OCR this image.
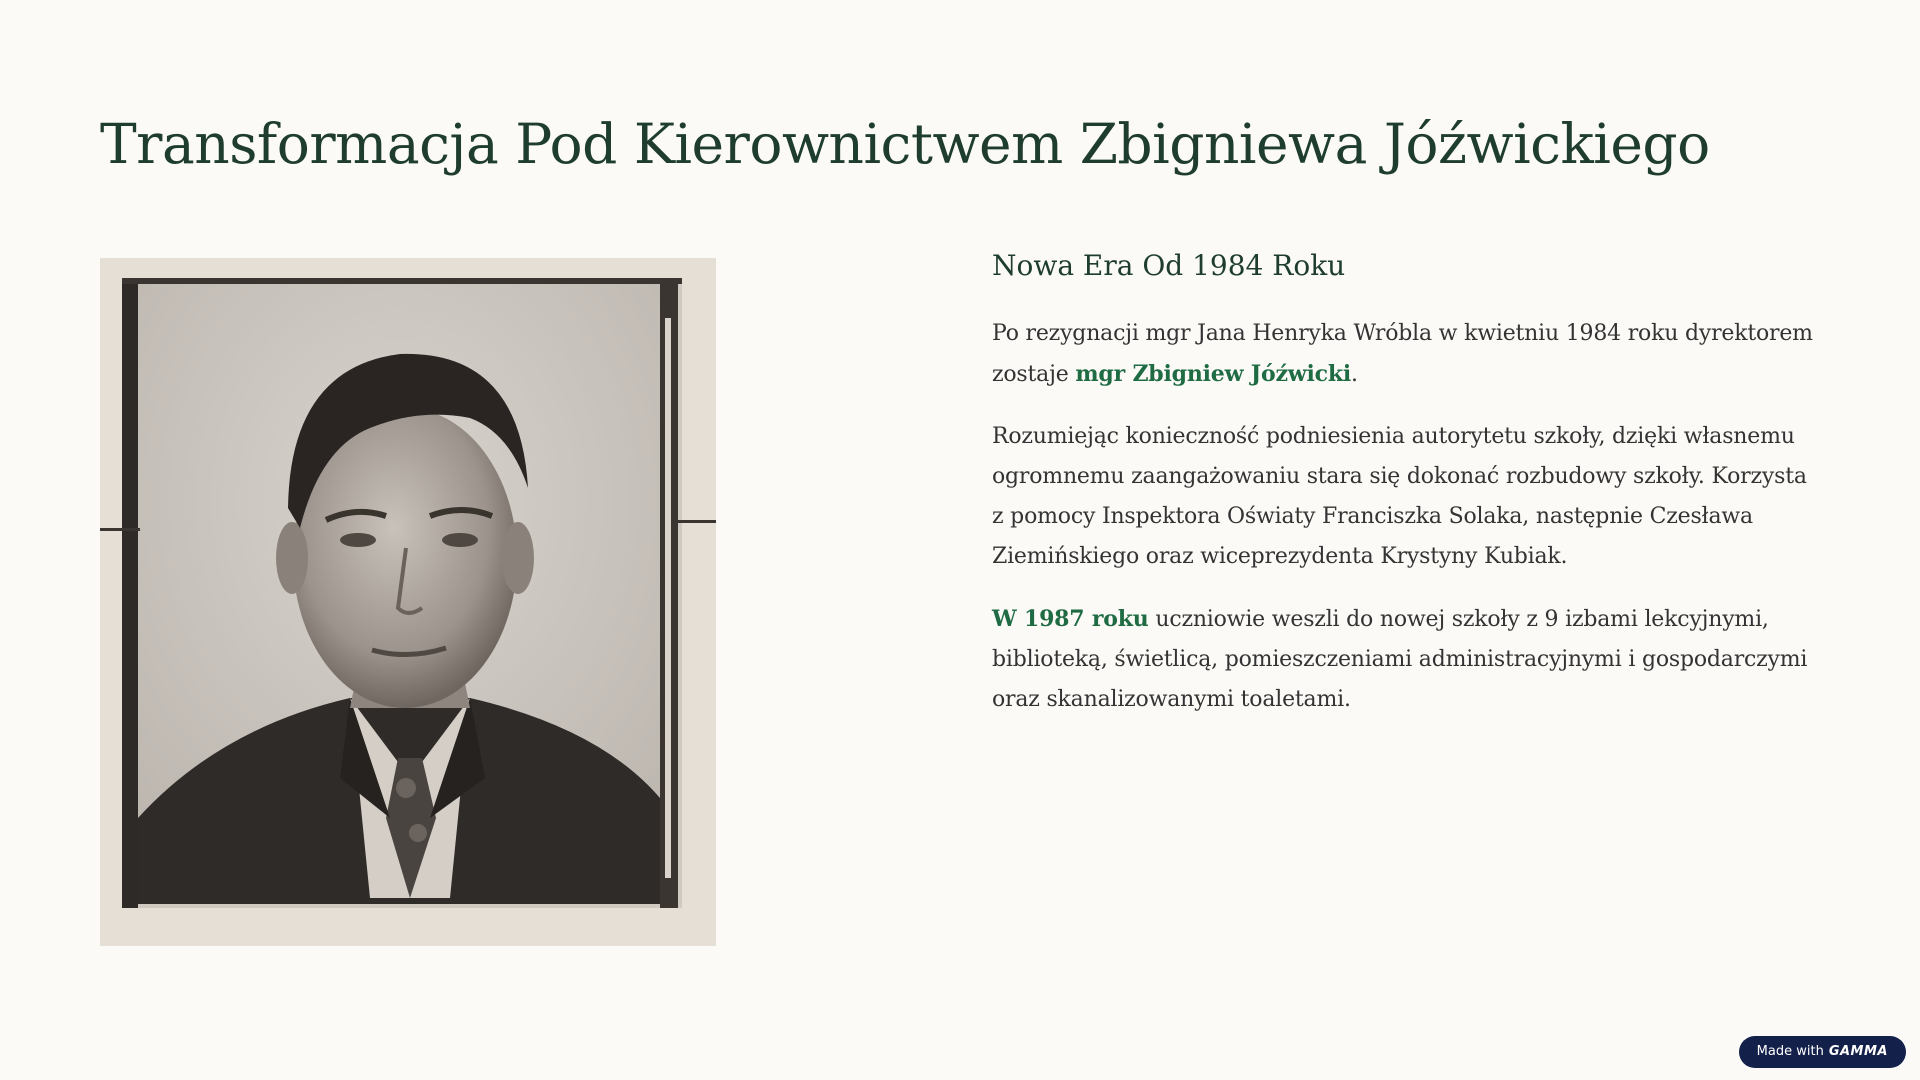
Transformacja Pod Kierownictwem Zbigniewa Jóźwickiego
Nowa Era Od 1984 Roku

Po rezygnacji mgr Jana Henryka Wróbla w kwietniu 1984 roku dyrektorem zostaje mgr Zbigniew Jóźwicki.

Rozumiejąc konieczność podniesienia autorytetu szkoły, dzięki własnemu ogromnemu zaangażowaniu stara się dokonać rozbudowy szkoły. Korzysta z pomocy Inspektora Oświaty Franciszka Solaka, następnie Czesława Ziemińskiego oraz wiceprezydenta Krystyny Kubiak.

W 1987 roku uczniowie weszli do nowej szkoły z 9 izbami lekcyjnymi, biblioteką, świetlicą, pomieszczeniami administracyjnymi i gospodarczymi oraz skanalizowanymi toaletami.

Made with GAMMA
